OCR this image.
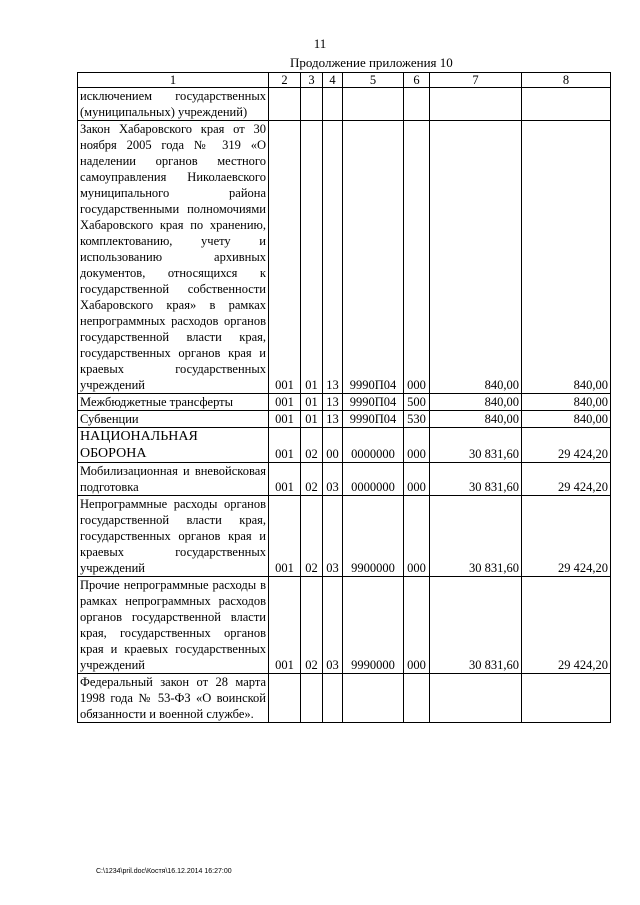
11
Продолжение приложения 10
1	2	3	4	5	6	7	8
исключением государственных (муниципальных) учреждений)							
Закон Хабаровского края от 30 ноября 2005 года № 319 «О наделении органов местного самоуправления Николаевского муниципального района государственными полномочиями Хабаровского края по хранению, комплектованию, учету и использованию архивных документов, относящихся к государственной собственности Хабаровского края» в рамках непрограммных расходов органов государственной власти края, государственных органов края и краевых государственных учреждений	001	01	13	9990П04	000	840,00	840,00
Межбюджетные трансферты	001	01	13	9990П04	500	840,00	840,00
Субвенции	001	01	13	9990П04	530	840,00	840,00
НАЦИОНАЛЬНАЯ ОБОРОНА	001	02	00	0000000	000	30 831,60	29 424,20
Мобилизационная и вневойсковая подготовка	001	02	03	0000000	000	30 831,60	29 424,20
Непрограммные расходы органов государственной власти края, государственных органов края и краевых государственных учреждений	001	02	03	9900000	000	30 831,60	29 424,20
Прочие непрограммные расходы в рамках непрограммных расходов органов государственной власти края, государственных органов края и краевых государственных учреждений	001	02	03	9990000	000	30 831,60	29 424,20
Федеральный закон от 28 марта 1998 года № 53-ФЗ «О воинской обязанности и военной службе».							
C:\1234\pril.doc\Костя\16.12.2014 16:27:00
